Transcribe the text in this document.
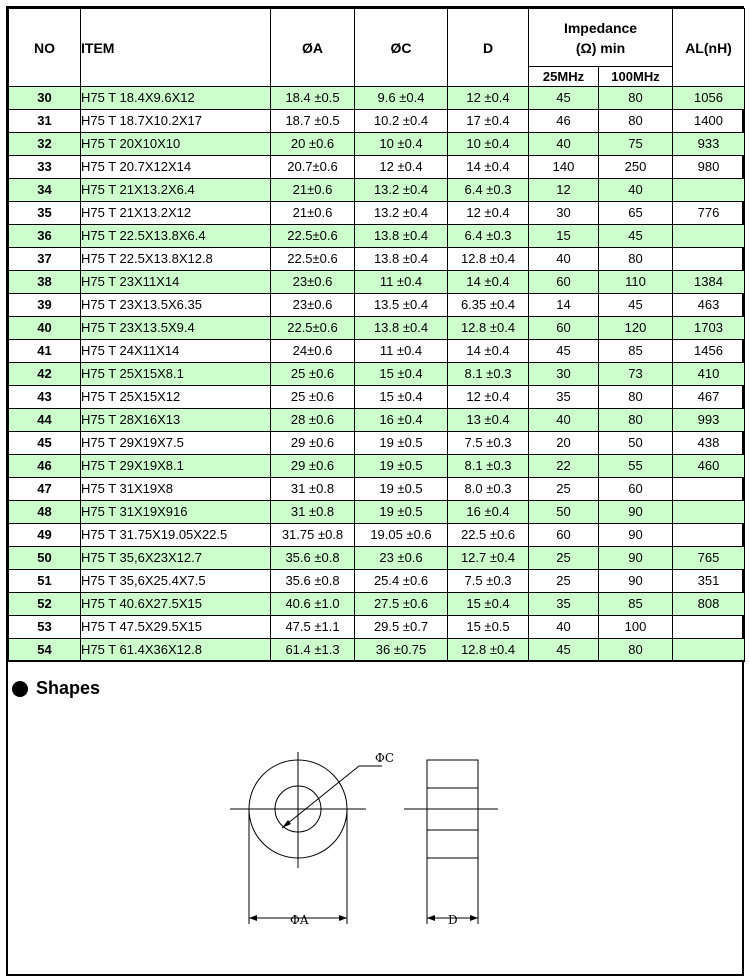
NO	ITEM	ØA	ØC	D	Impedance
(Ω) min		AL(nH)
					25MHz	100MHz	
30	H75 T 18.4X9.6X12	18.4 ±0.5	9.6 ±0.4	12 ±0.4	45	80	1056
31	H75 T 18.7X10.2X17	18.7 ±0.5	10.2 ±0.4	17 ±0.4	46	80	1400
32	H75 T 20X10X10	20 ±0.6	10 ±0.4	10 ±0.4	40	75	933
33	H75 T 20.7X12X14	20.7±0.6	12 ±0.4	14 ±0.4	140	250	980
34	H75 T 21X13.2X6.4	21±0.6	13.2 ±0.4	6.4 ±0.3	12	40	
35	H75 T 21X13.2X12	21±0.6	13.2 ±0.4	12 ±0.4	30	65	776
36	H75 T 22.5X13.8X6.4	22.5±0.6	13.8 ±0.4	6.4 ±0.3	15	45	
37	H75 T 22.5X13.8X12.8	22.5±0.6	13.8 ±0.4	12.8 ±0.4	40	80	
38	H75 T 23X11X14	23±0.6	11 ±0.4	14 ±0.4	60	110	1384
39	H75 T 23X13.5X6.35	23±0.6	13.5 ±0.4	6.35 ±0.4	14	45	463
40	H75 T 23X13.5X9.4	22.5±0.6	13.8 ±0.4	12.8 ±0.4	60	120	1703
41	H75 T 24X11X14	24±0.6	11 ±0.4	14 ±0.4	45	85	1456
42	H75 T 25X15X8.1	25 ±0.6	15 ±0.4	8.1 ±0.3	30	73	410
43	H75 T 25X15X12	25 ±0.6	15 ±0.4	12 ±0.4	35	80	467
44	H75 T 28X16X13	28 ±0.6	16 ±0.4	13 ±0.4	40	80	993
45	H75 T 29X19X7.5	29 ±0.6	19 ±0.5	7.5 ±0.3	20	50	438
46	H75 T 29X19X8.1	29 ±0.6	19 ±0.5	8.1 ±0.3	22	55	460
47	H75 T 31X19X8	31 ±0.8	19 ±0.5	8.0 ±0.3	25	60	
48	H75 T 31X19X916	31 ±0.8	19 ±0.5	16 ±0.4	50	90	
49	H75 T 31.75X19.05X22.5	31.75 ±0.8	19.05 ±0.6	22.5 ±0.6	60	90	
50	H75 T 35,6X23X12.7	35.6 ±0.8	23 ±0.6	12.7 ±0.4	25	90	765
51	H75 T 35,6X25.4X7.5	35.6 ±0.8	25.4 ±0.6	7.5 ±0.3	25	90	351
52	H75 T 40.6X27.5X15	40.6 ±1.0	27.5 ±0.6	15 ±0.4	35	85	808
53	H75 T 47.5X29.5X15	47.5 ±1.1	29.5 ±0.7	15 ±0.5	40	100	
54	H75 T 61.4X36X12.8	61.4 ±1.3	36 ±0.75	12.8 ±0.4	45	80	
Shapes
ΦC
ΦA	D
